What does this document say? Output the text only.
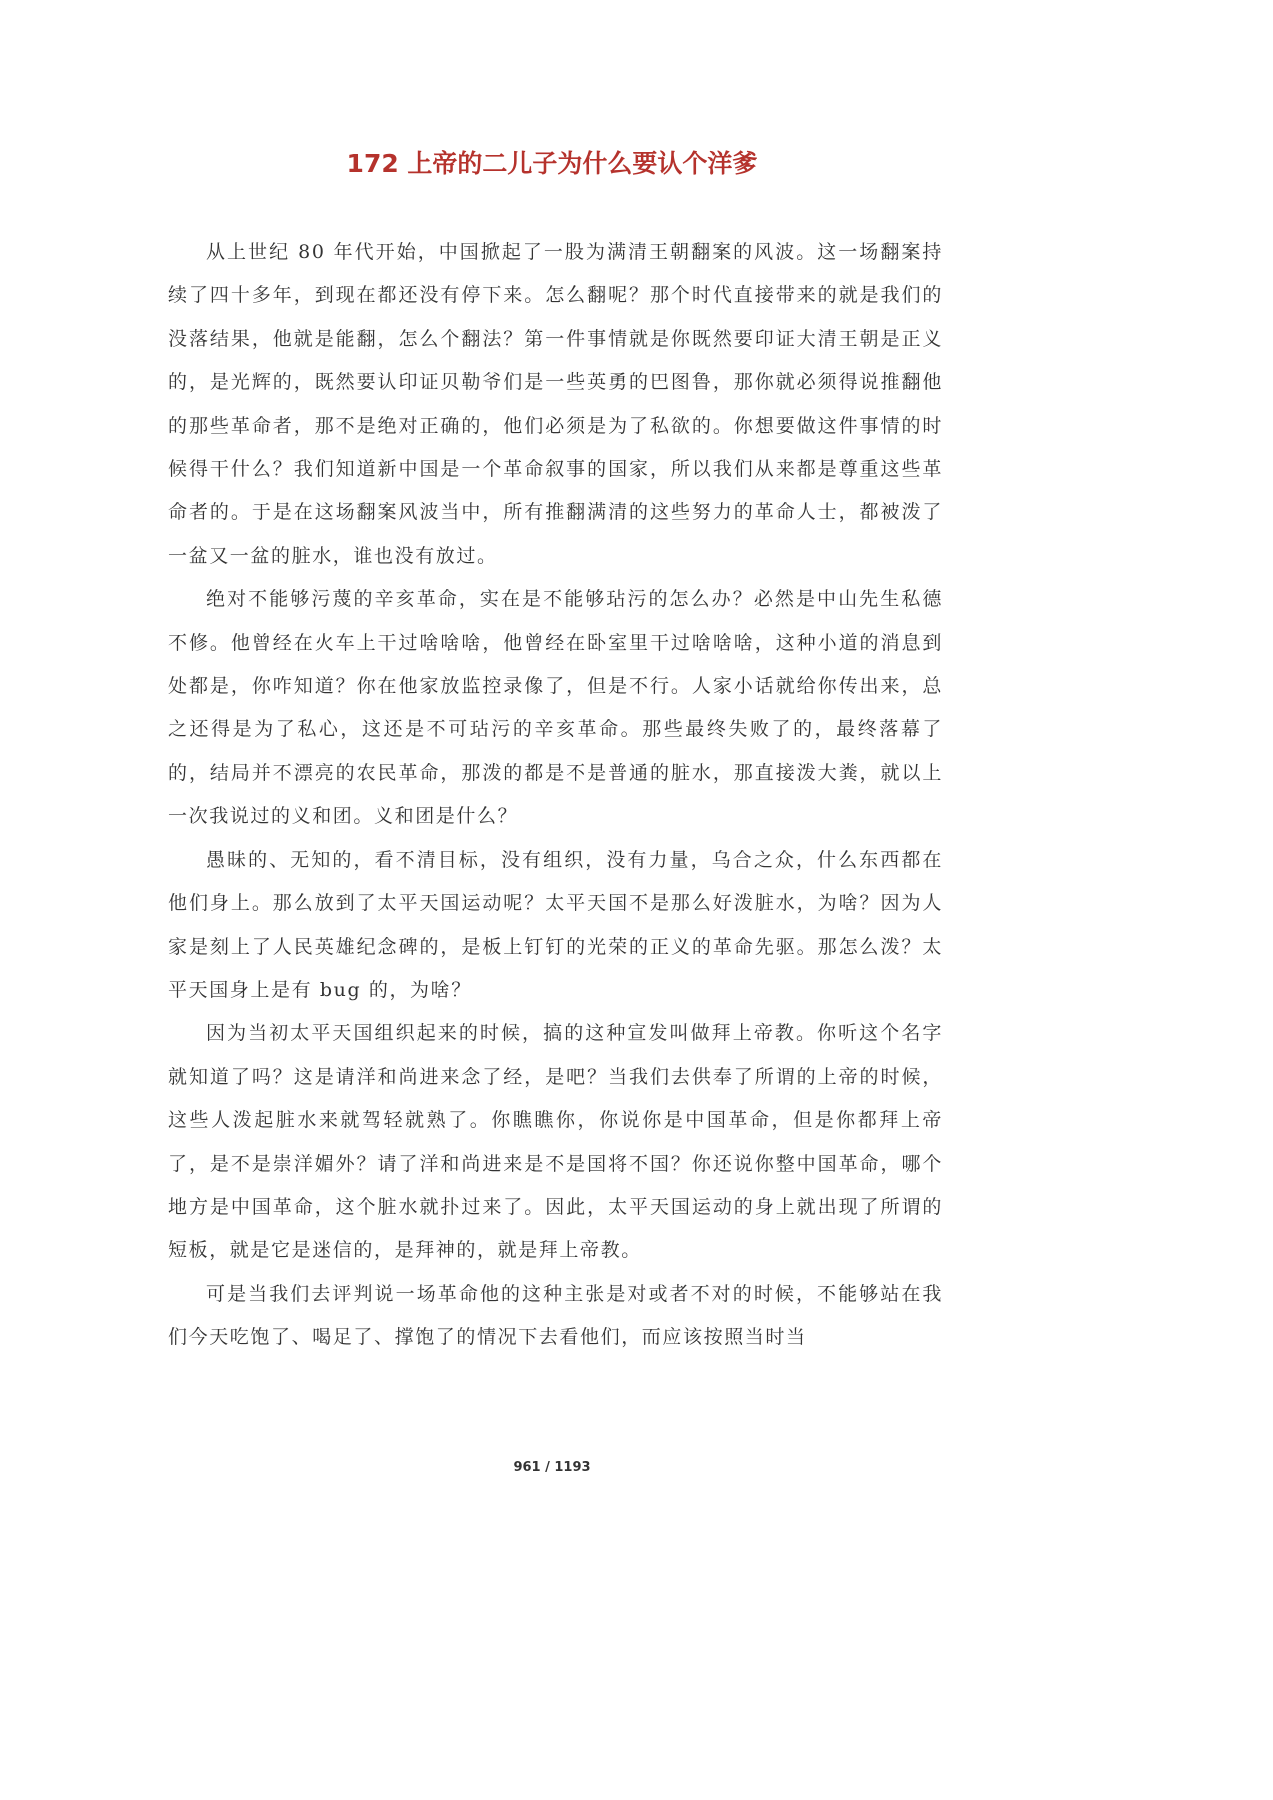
172 上帝的二儿子为什么要认个洋爹

从上世纪 80 年代开始，中国掀起了一股为满清王朝翻案的风波。这一场翻案持续了四十多年，到现在都还没有停下来。怎么翻呢？那个时代直接带来的就是我们的没落结果，他就是能翻，怎么个翻法？第一件事情就是你既然要印证大清王朝是正义的，是光辉的，既然要认印证贝勒爷们是一些英勇的巴图鲁，那你就必须得说推翻他的那些革命者，那不是绝对正确的，他们必须是为了私欲的。你想要做这件事情的时候得干什么？我们知道新中国是一个革命叙事的国家，所以我们从来都是尊重这些革命者的。于是在这场翻案风波当中，所有推翻满清的这些努力的革命人士，都被泼了一盆又一盆的脏水，谁也没有放过。

绝对不能够污蔑的辛亥革命，实在是不能够玷污的怎么办？必然是中山先生私德不修。他曾经在火车上干过啥啥啥，他曾经在卧室里干过啥啥啥，这种小道的消息到处都是，你咋知道？你在他家放监控录像了，但是不行。人家小话就给你传出来，总之还得是为了私心，这还是不可玷污的辛亥革命。那些最终失败了的，最终落幕了的，结局并不漂亮的农民革命，那泼的都是不是普通的脏水，那直接泼大粪，就以上一次我说过的义和团。义和团是什么？

愚昧的、无知的，看不清目标，没有组织，没有力量，乌合之众，什么东西都在他们身上。那么放到了太平天国运动呢？太平天国不是那么好泼脏水，为啥？因为人家是刻上了人民英雄纪念碑的，是板上钉钉的光荣的正义的革命先驱。那怎么泼？太平天国身上是有 bug 的，为啥？

因为当初太平天国组织起来的时候，搞的这种宣发叫做拜上帝教。你听这个名字就知道了吗？这是请洋和尚进来念了经，是吧？当我们去供奉了所谓的上帝的时候，这些人泼起脏水来就驾轻就熟了。你瞧瞧你，你说你是中国革命，但是你都拜上帝了，是不是崇洋媚外？请了洋和尚进来是不是国将不国？你还说你整中国革命，哪个地方是中国革命，这个脏水就扑过来了。因此，太平天国运动的身上就出现了所谓的短板，就是它是迷信的，是拜神的，就是拜上帝教。

可是当我们去评判说一场革命他的这种主张是对或者不对的时候，不能够站在我们今天吃饱了、喝足了、撑饱了的情况下去看他们，而应该按照当时当

961 / 1193
